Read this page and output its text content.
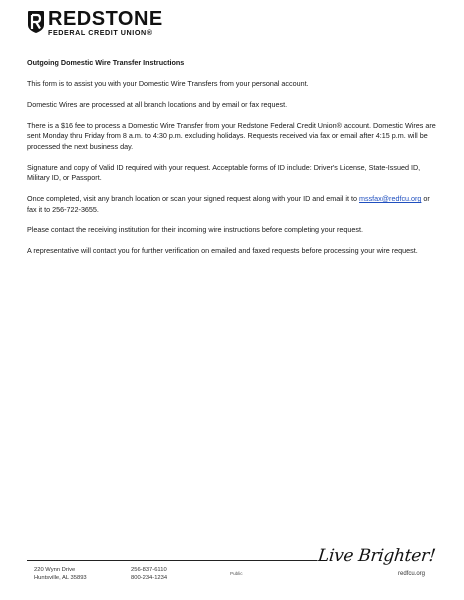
REDSTONE
FEDERAL CREDIT UNION®

Outgoing Domestic Wire Transfer Instructions

This form is to assist you with your Domestic Wire Transfers from your personal account.

Domestic Wires are processed at all branch locations and by email or fax request.

There is a $16 fee to process a Domestic Wire Transfer from your Redstone Federal Credit Union® account. Domestic Wires are sent Monday thru Friday from 8 a.m. to 4:30 p.m. excluding holidays. Requests received via fax or email after 4:15 p.m. will be processed the next business day.

Signature and copy of Valid ID required with your request. Acceptable forms of ID include: Driver's License, State-Issued ID, Military ID, or Passport.

Once completed, visit any branch location or scan your signed request along with your ID and email it to mssfax@redfcu.org or fax it to 256-722-3655.

Please contact the receiving institution for their incoming wire instructions before completing your request.

A representative will contact you for further verification on emailed and faxed requests before processing your wire request.

220 Wynn Drive
Huntsville, AL 35893
256-837-6110
800-234-1234
Public
Live Brighter!
redfcu.org
